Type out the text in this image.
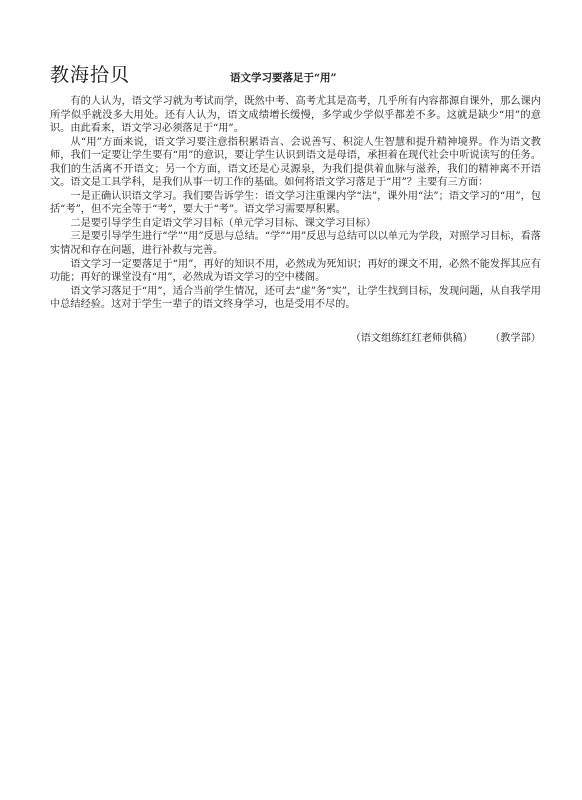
教海拾贝	语文学习要落足于“用”

有的人认为，语文学习就为考试而学，既然中考、高考尤其是高考，几乎所有内容都源自课外，那么课内所学似乎就没多大用处。还有人认为，语文成绩增长缓慢，多学或少学似乎都差不多。这就是缺少“用”的意识。由此看来，语文学习必须落足于“用”。

从“用”方面来说，语文学习要注意指积累语言、会说善写、积淀人生智慧和提升精神境界。作为语文教师，我们一定要让学生要有“用”的意识，要让学生认识到语文是母语，承担着在现代社会中听说读写的任务。我们的生活离不开语文；另一个方面，语文还是心灵源泉，为我们提供着血脉与滋养，我们的精神离不开语文。语文是工具学科，是我们从事一切工作的基础。如何将语文学习落足于“用”？主要有三方面：

一是正确认识语文学习。我们要告诉学生：语文学习注重课内学“法”，课外用“法”；语文学习的“用”，包括“考”，但不完全等于“考”，要大于“考”。语文学习需要厚积累。

二是要引导学生自定语文学习目标（单元学习目标、课文学习目标）

三是要引导学生进行“学”“用”反思与总结。“学”“用”反思与总结可以以单元为学段，对照学习目标，看落实情况和存在问题，进行补救与完善。

语文学习一定要落足于“用”，再好的知识不用，必然成为死知识；再好的课文不用，必然不能发挥其应有功能；再好的课堂没有“用”，必然成为语文学习的空中楼阁。

语文学习落足于“用”，适合当前学生情况，还可去“虚”务“实”，让学生找到目标，发现问题，从自我学用中总结经验。这对于学生一辈子的语文终身学习，也是受用不尽的。

（语文组练红红老师供稿） （教学部）
